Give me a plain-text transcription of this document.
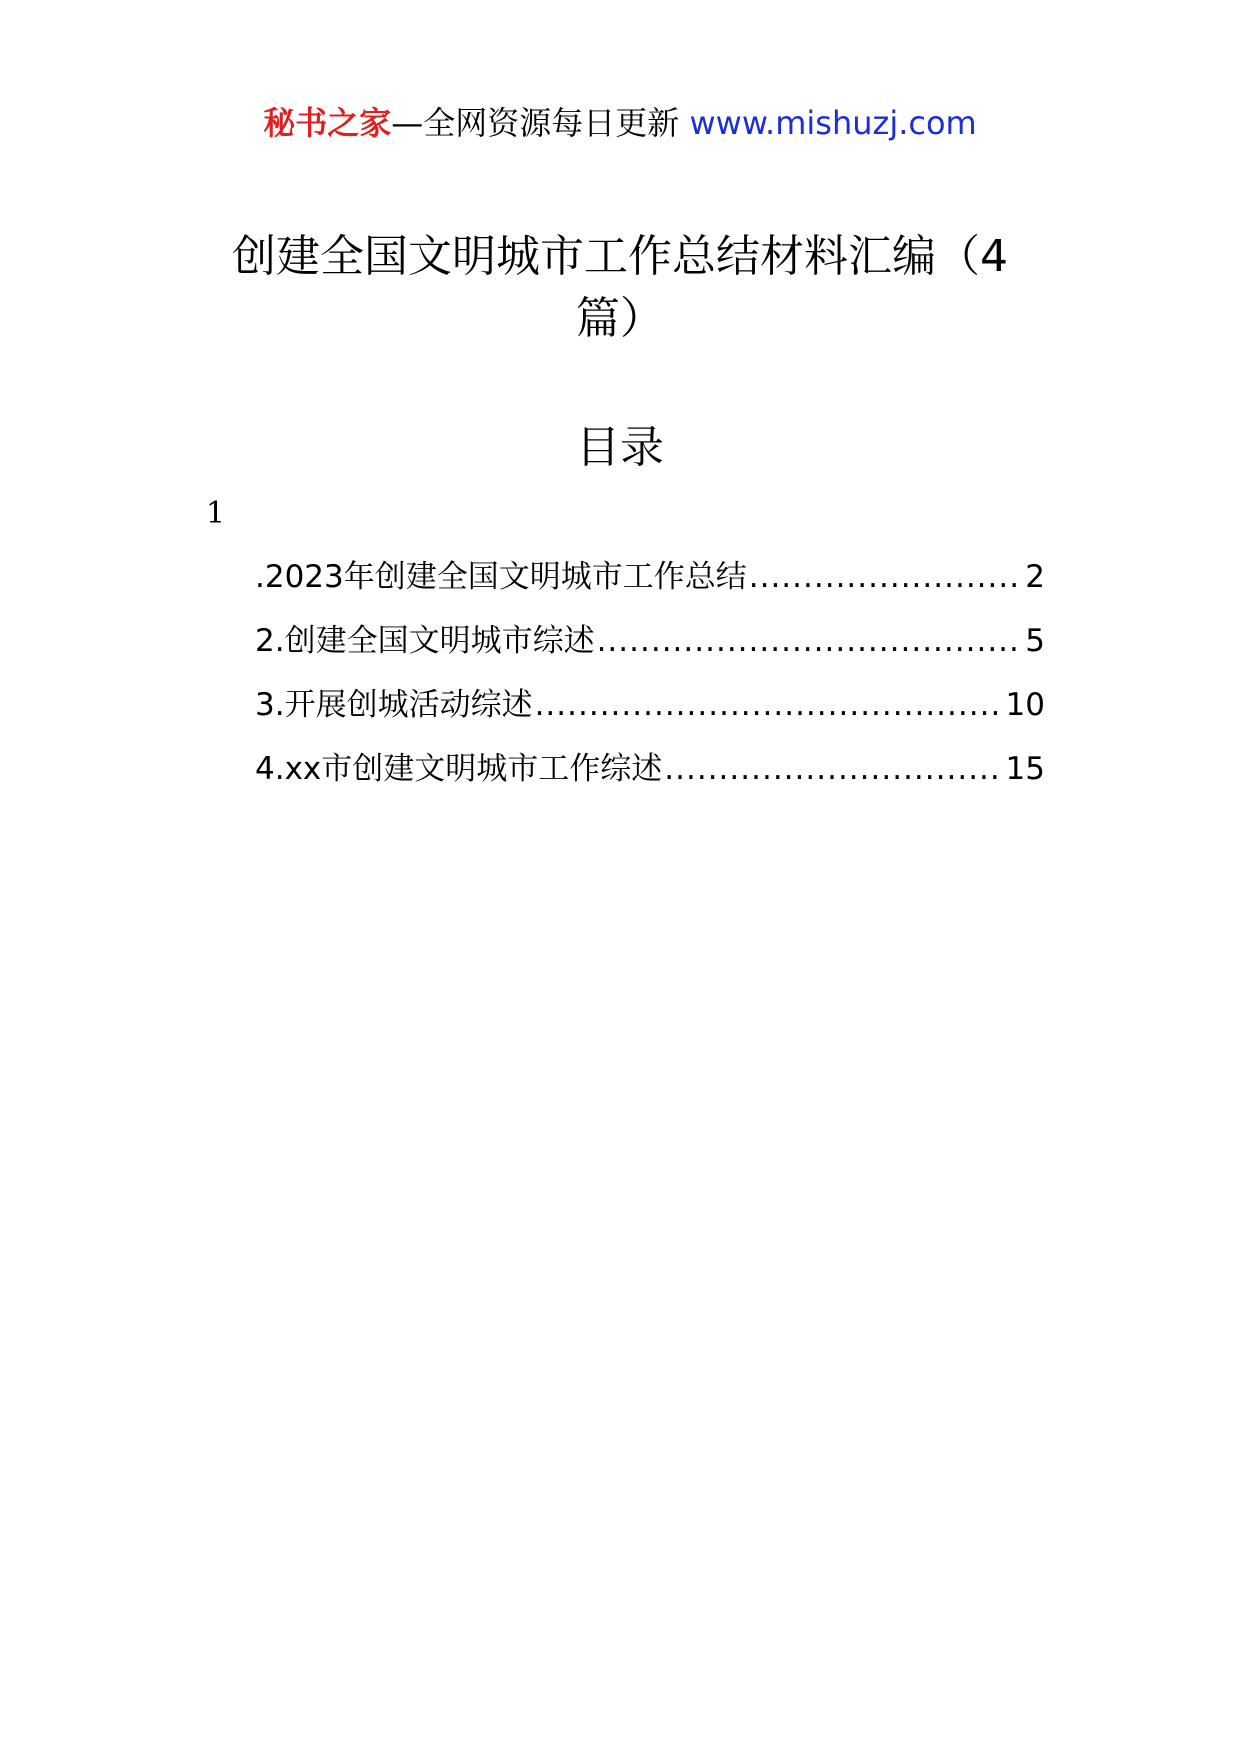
秘书之家—全网资源每日更新 www.mishuzj.com
创建全国文明城市工作总结材料汇编（4
篇）
目录
1
.2023年创建全国文明城市工作总结 .....	2
2.创建全国文明城市综述 .....	5
3.开展创城活动综述 .....	10
4.xx市创建文明城市工作综述 .....	15
